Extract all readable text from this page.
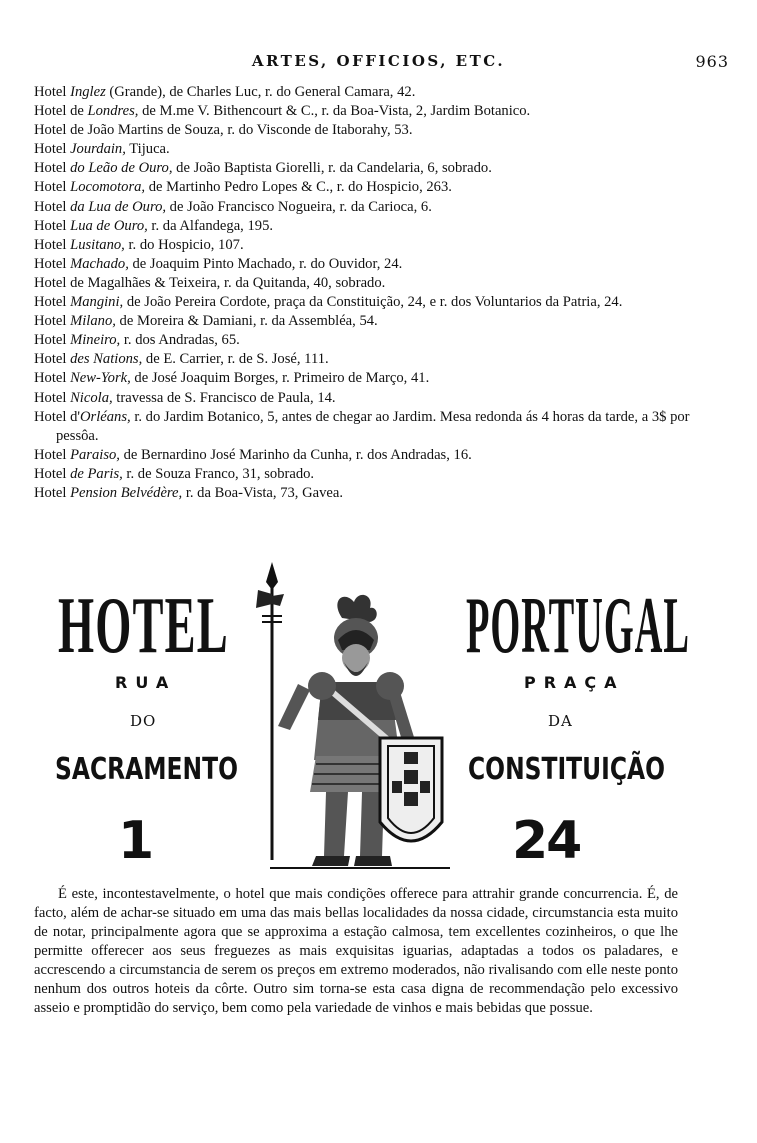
ARTES, OFFICIOS, ETC.	963
Hotel Inglez (Grande), de Charles Luc, r. do General Camara, 42.
Hotel de Londres, de M.me V. Bithencourt & C., r. da Boa-Vista, 2, Jardim Botanico.
Hotel de João Martins de Souza, r. do Visconde de Itaborahy, 53.
Hotel Jourdain, Tijuca.
Hotel do Leão de Ouro, de João Baptista Giorelli, r. da Candelaria, 6, sobrado.
Hotel Locomotora, de Martinho Pedro Lopes & C., r. do Hospicio, 263.
Hotel da Lua de Ouro, de João Francisco Nogueira, r. da Carioca, 6.
Hotel Lua de Ouro, r. da Alfandega, 195.
Hotel Lusitano, r. do Hospicio, 107.
Hotel Machado, de Joaquim Pinto Machado, r. do Ouvidor, 24.
Hotel de Magalhães & Teixeira, r. da Quitanda, 40, sobrado.
Hotel Mangini, de João Pereira Cordote, praça da Constituição, 24, e r. dos Voluntarios da Patria, 24.
Hotel Milano, de Moreira & Damiani, r. da Assembléa, 54.
Hotel Mineiro, r. dos Andradas, 65.
Hotel des Nations, de E. Carrier, r. de S. José, 111.
Hotel New-York, de José Joaquim Borges, r. Primeiro de Março, 41.
Hotel Nicola, travessa de S. Francisco de Paula, 14.
Hotel d'Orléans, r. do Jardim Botanico, 5, antes de chegar ao Jardim. Mesa redonda ás 4 horas da tarde, a 3$ por pessôa.
Hotel Paraiso, de Bernardino José Marinho da Cunha, r. dos Andradas, 16.
Hotel de Paris, r. de Souza Franco, 31, sobrado.
Hotel Pension Belvédère, r. da Boa-Vista, 73, Gavea.
HOTEL	PORTUGAL
RUA	PRAÇA
DO	DA
SACRAMENTO	CONSTITUIÇÃO
1	24

É este, incontestavelmente, o hotel que mais condições offerece para attrahir grande concurrencia. É, de facto, além de achar-se situado em uma das mais bellas localidades da nossa cidade, circumstancia esta muito de notar, principalmente agora que se approxima a estação calmosa, tem excellentes cozinheiros, o que lhe permitte offerecer aos seus freguezes as mais exquisitas iguarias, adaptadas a todos os paladares, e accrescendo a circumstancia de serem os preços em extremo moderados, não rivalisando com elle neste ponto nenhum dos outros hoteis da côrte. Outro sim torna-se esta casa digna de recommendação pelo excessivo asseio e promptidão do serviço, bem como pela variedade de vinhos e mais bebidas que possue.
